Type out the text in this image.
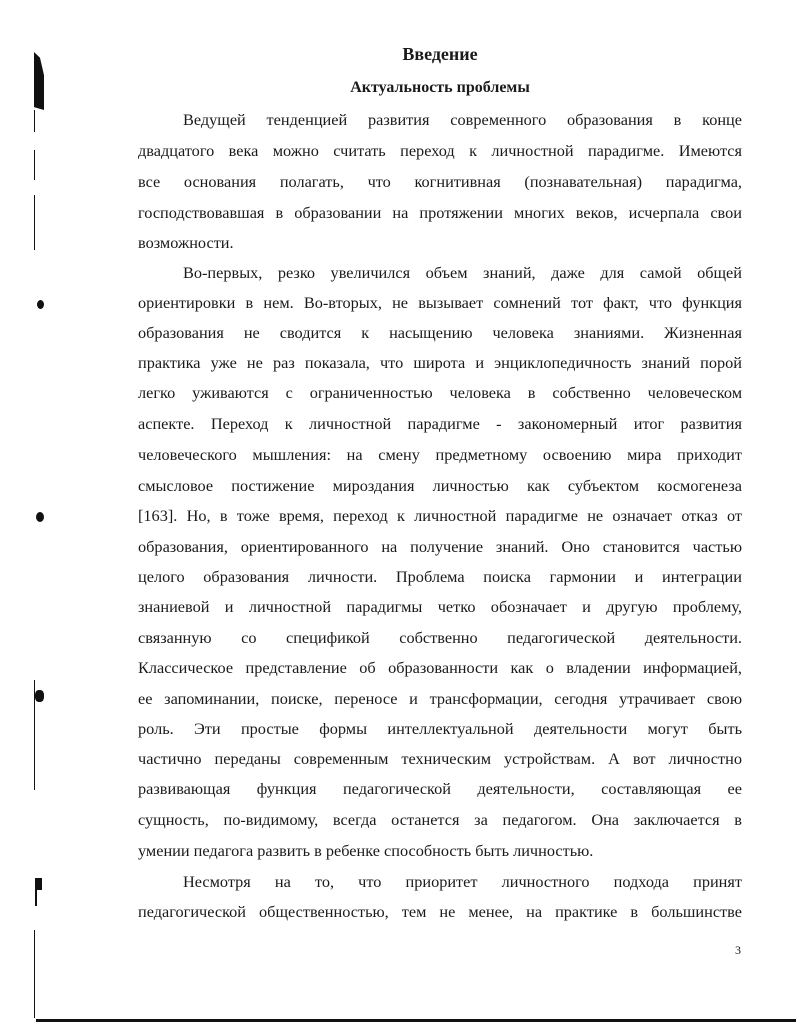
Введение
Актуальность проблемы

Ведущей тенденцией развития современного образования в конце

двадцатого века можно считать переход к личностной парадигме. Имеются

все основания полагать, что когнитивная (познавательная) парадигма,

господствовавшая в образовании на протяжении многих веков, исчерпала свои

возможности.

Во-первых, резко увеличился объем знаний, даже для самой общей

ориентировки в нем. Во-вторых, не вызывает сомнений тот факт, что функция

образования не сводится к насыщению человека знаниями. Жизненная

практика уже не раз показала, что широта и энциклопедичность знаний порой

легко уживаются с ограниченностью человека в собственно человеческом

аспекте. Переход к личностной парадигме - закономерный итог развития

человеческого мышления: на смену предметному освоению мира приходит

смысловое постижение мироздания личностью как субъектом космогенеза

[163]. Но, в тоже время, переход к личностной парадигме не означает отказ от

образования, ориентированного на получение знаний. Оно становится частью

целого образования личности. Проблема поиска гармонии и интеграции

знаниевой и личностной парадигмы четко обозначает и другую проблему,

связанную со спецификой собственно педагогической деятельности.

Классическое представление об образованности как о владении информацией,

ее запоминании, поиске, переносе и трансформации, сегодня утрачивает свою

роль. Эти простые формы интеллектуальной деятельности могут быть

частично переданы современным техническим устройствам. А вот личностно

развивающая функция педагогической деятельности, составляющая ее

сущность, по-видимому, всегда останется за педагогом. Она заключается в

умении педагога развить в ребенке способность быть личностью.

Несмотря на то, что приоритет личностного подхода принят

педагогической общественностью, тем не менее, на практике в большинстве

3
